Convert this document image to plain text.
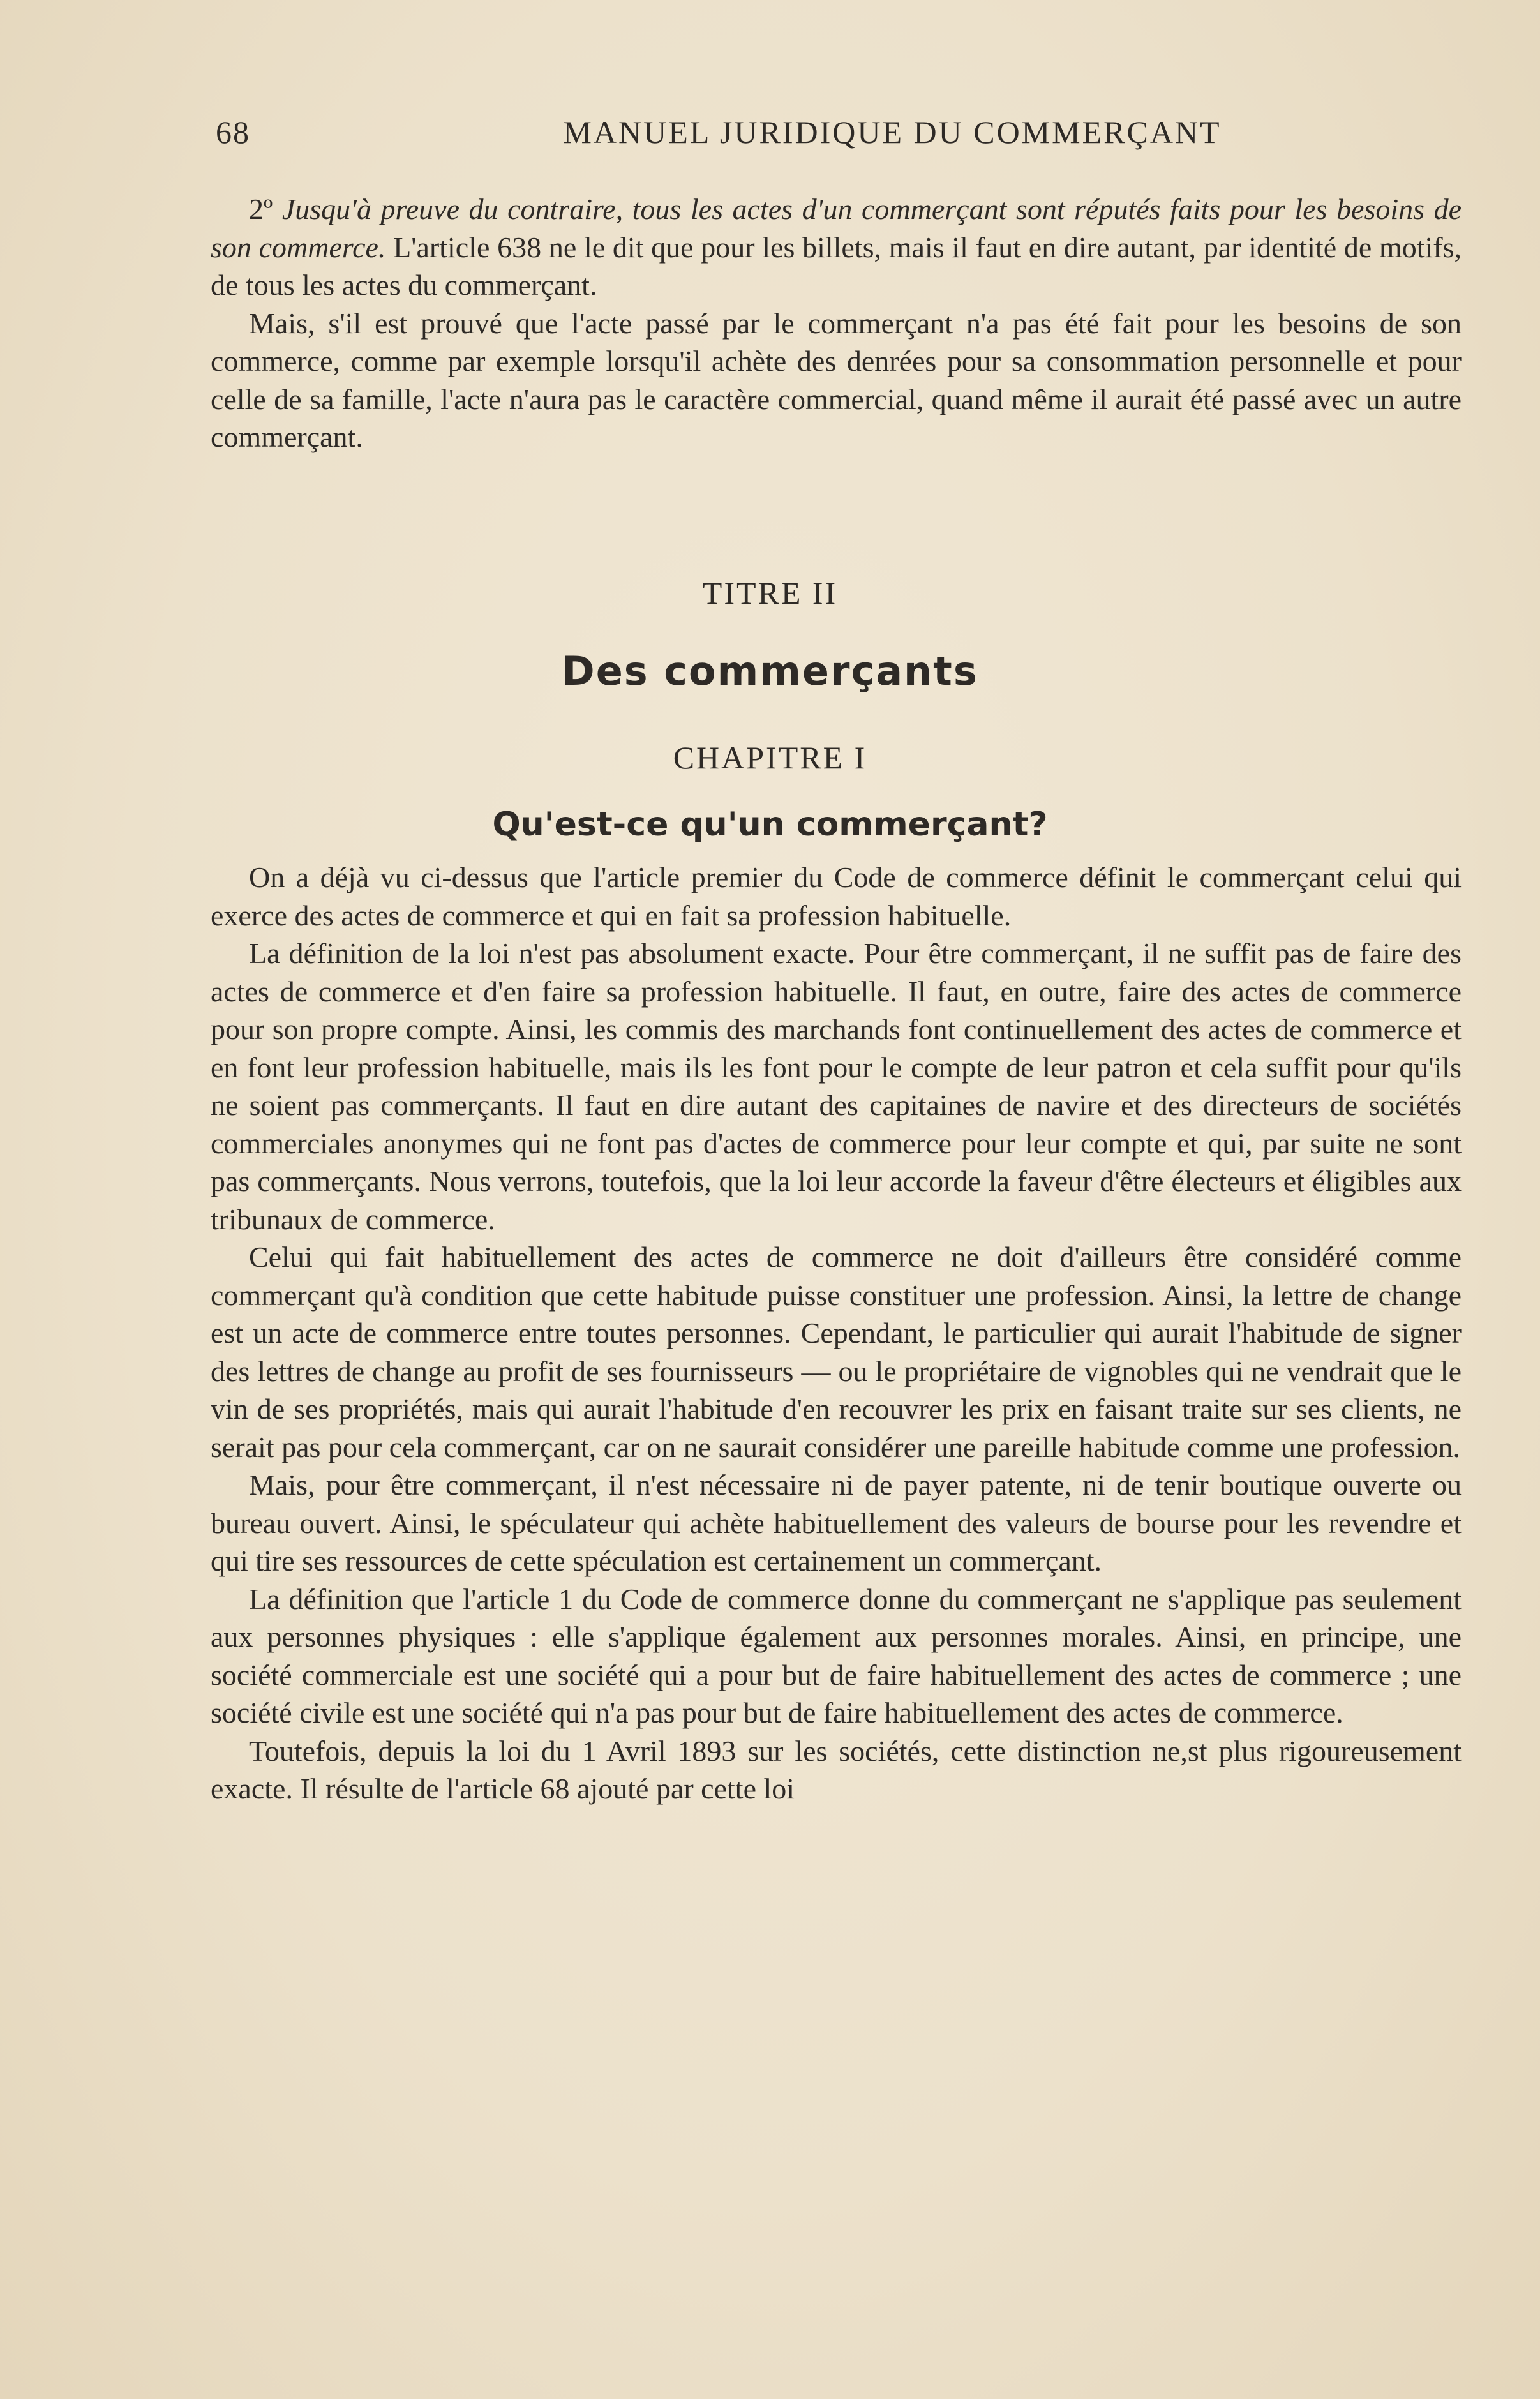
68	MANUEL JURIDIQUE DU COMMERÇANT

2º Jusqu'à preuve du contraire, tous les actes d'un commerçant sont réputés faits pour les besoins de son commerce. L'article 638 ne le dit que pour les billets, mais il faut en dire autant, par identité de motifs, de tous les actes du commerçant.

Mais, s'il est prouvé que l'acte passé par le commerçant n'a pas été fait pour les besoins de son commerce, comme par exemple lorsqu'il achète des denrées pour sa consommation personnelle et pour celle de sa famille, l'acte n'aura pas le caractère commercial, quand même il aurait été passé avec un autre commerçant.

TITRE II
Des commerçants
CHAPITRE I
Qu'est-ce qu'un commerçant?

On a déjà vu ci-dessus que l'article premier du Code de commerce définit le commerçant celui qui exerce des actes de commerce et qui en fait sa profession habituelle.

La définition de la loi n'est pas absolument exacte. Pour être commerçant, il ne suffit pas de faire des actes de commerce et d'en faire sa profession habituelle. Il faut, en outre, faire des actes de commerce pour son propre compte. Ainsi, les commis des marchands font continuellement des actes de commerce et en font leur profession habituelle, mais ils les font pour le compte de leur patron et cela suffit pour qu'ils ne soient pas commerçants. Il faut en dire autant des capitaines de navire et des directeurs de sociétés commerciales anonymes qui ne font pas d'actes de commerce pour leur compte et qui, par suite ne sont pas commerçants. Nous verrons, toutefois, que la loi leur accorde la faveur d'être électeurs et éligibles aux tribunaux de commerce.

Celui qui fait habituellement des actes de commerce ne doit d'ailleurs être considéré comme commerçant qu'à condition que cette habitude puisse constituer une profession. Ainsi, la lettre de change est un acte de commerce entre toutes personnes. Cependant, le particulier qui aurait l'habitude de signer des lettres de change au profit de ses fournisseurs — ou le propriétaire de vignobles qui ne vendrait que le vin de ses propriétés, mais qui aurait l'habitude d'en recouvrer les prix en faisant traite sur ses clients, ne serait pas pour cela commerçant, car on ne saurait considérer une pareille habitude comme une profession.

Mais, pour être commerçant, il n'est nécessaire ni de payer patente, ni de tenir boutique ouverte ou bureau ouvert. Ainsi, le spéculateur qui achète habituellement des valeurs de bourse pour les revendre et qui tire ses ressources de cette spéculation est certainement un commerçant.

La définition que l'article 1 du Code de commerce donne du commerçant ne s'applique pas seulement aux personnes physiques : elle s'applique également aux personnes morales. Ainsi, en principe, une société commerciale est une société qui a pour but de faire habituellement des actes de commerce ; une société civile est une société qui n'a pas pour but de faire habituellement des actes de commerce.

Toutefois, depuis la loi du 1 Avril 1893 sur les sociétés, cette distinction ne,st plus rigoureusement exacte. Il résulte de l'article 68 ajouté par cette loi
